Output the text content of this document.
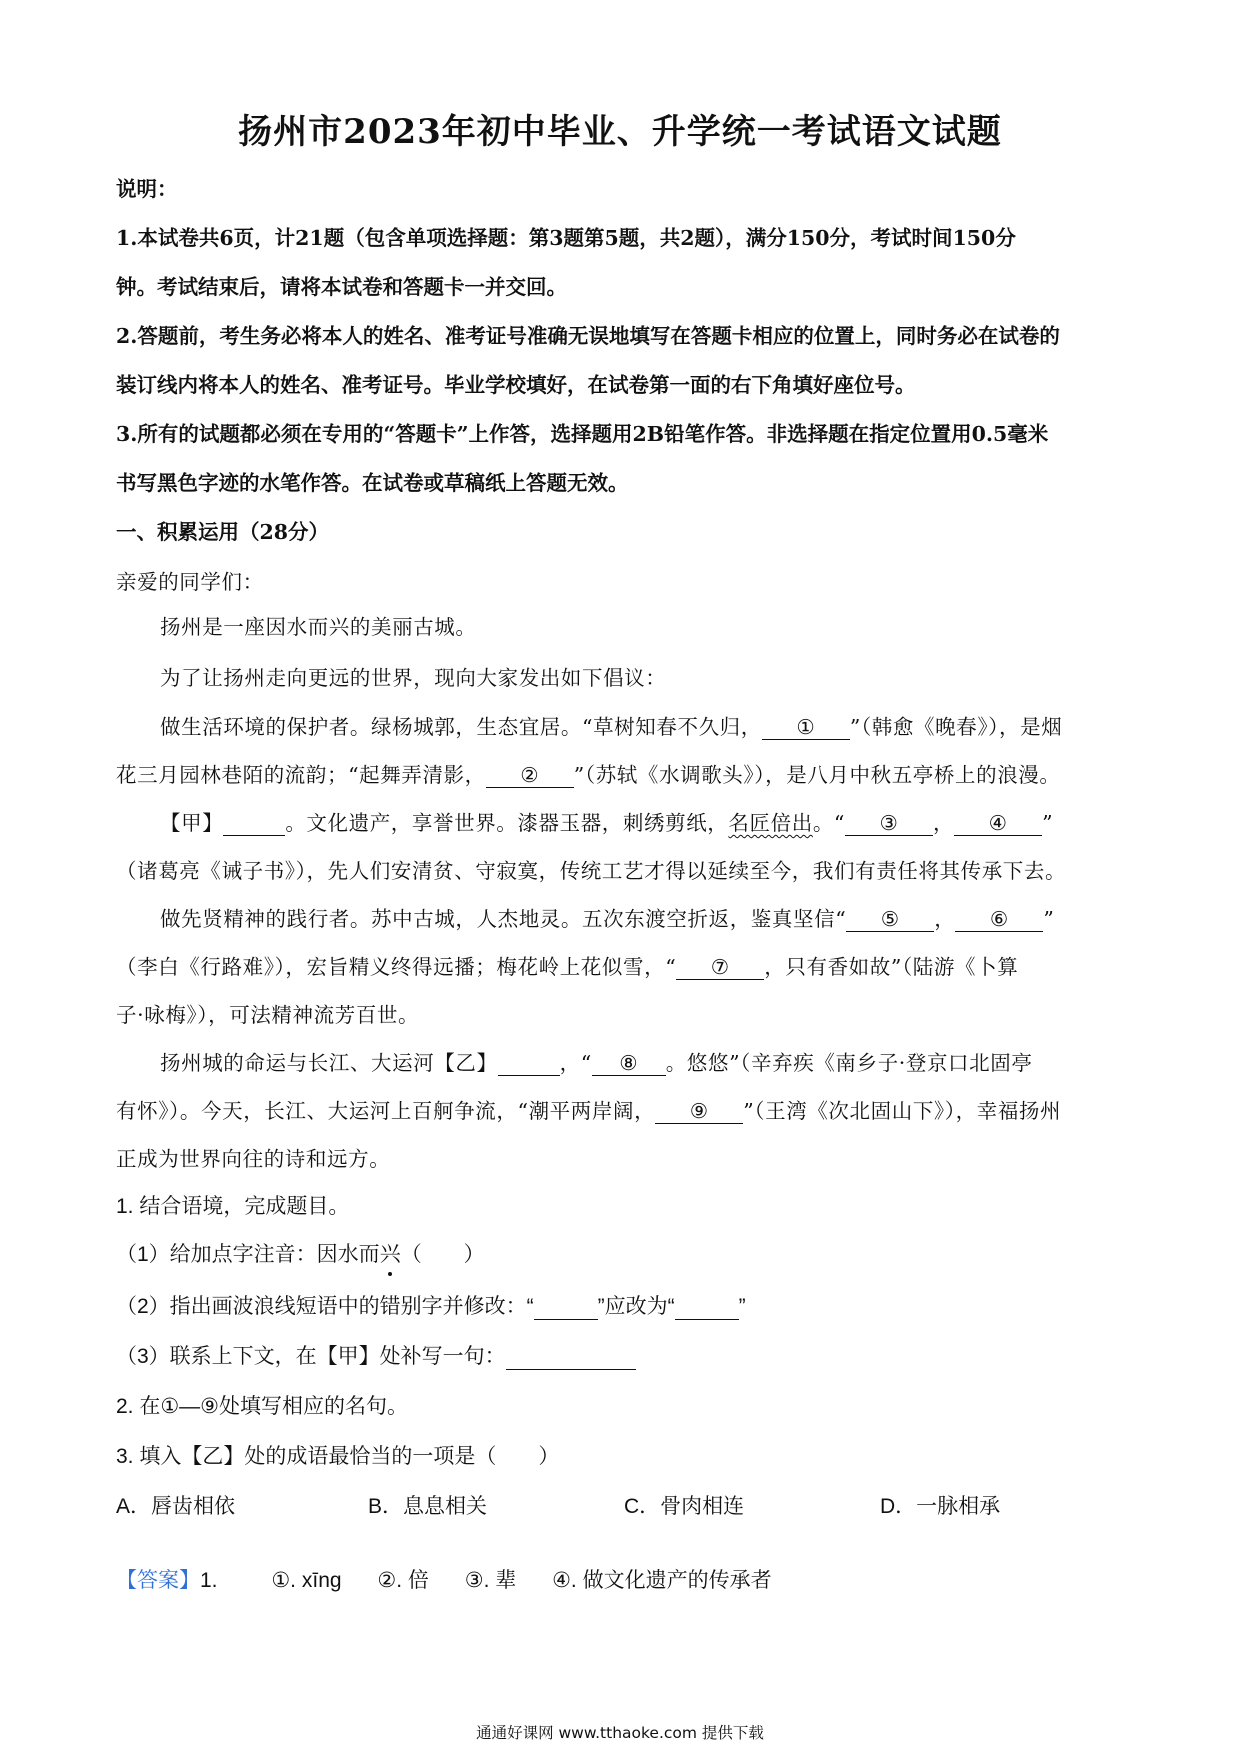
扬州市2023年初中毕业、升学统一考试语文试题
说明：
1.本试卷共6页，计21题（包含单项选择题：第3题第5题，共2题），满分150分，考试时间150分
钟。考试结束后，请将本试卷和答题卡一并交回。
2.答题前，考生务必将本人的姓名、准考证号准确无误地填写在答题卡相应的位置上，同时务必在试卷的
装订线内将本人的姓名、准考证号。毕业学校填好，在试卷第一面的右下角填好座位号。
3.所有的试题都必须在专用的“答题卡”上作答，选择题用2B铅笔作答。非选择题在指定位置用0.5毫米
书写黑色字迹的水笔作答。在试卷或草稿纸上答题无效。
一、积累运用（28分）
亲爱的同学们：
扬州是一座因水而兴的美丽古城。
为了让扬州走向更远的世界，现向大家发出如下倡议：
做生活环境的保护者。绿杨城郭，生态宜居。“草树知春不久归， ① ”（韩愈《晚春》），是烟
花三月园林巷陌的流韵；“起舞弄清影， ② ”（苏轼《水调歌头》），是八月中秋五亭桥上的浪漫。
【甲】	。文化遗产，享誉世界。漆器玉器，刺绣剪纸，名匠倍出。“ ③ ， ④ ”
（诸葛亮《诫子书》），先人们安清贫、守寂寞，传统工艺才得以延续至今，我们有责任将其传承下去。
做先贤精神的践行者。苏中古城，人杰地灵。五次东渡空折返，鉴真坚信“ ⑤ ， ⑥ ”
（李白《行路难》），宏旨精义终得远播；梅花岭上花似雪，“ ⑦ ，只有香如故”（陆游《卜算
子·咏梅》），可法精神流芳百世。
扬州城的命运与长江、大运河【乙】	，“ ⑧ 。悠悠”（辛弃疾《南乡子·登京口北固亭
有怀》）。今天，长江、大运河上百舸争流，“潮平两岸阔， ⑨ ”（王湾《次北固山下》），幸福扬州
正成为世界向往的诗和远方。
1. 结合语境，完成题目。
（1）给加点字注音：因水而兴（　　）
（2）指出画波浪线短语中的错别字并修改：“	”应改为“	”
（3）联系上下文，在【甲】处补写一句：
2. 在①—⑨处填写相应的名句。
3. 填入【乙】处的成语最恰当的一项是（　　）
A．唇齿相依	B．息息相关	C．骨肉相连	D．一脉相承
【答案】1.	①. xīng ②. 倍 ③. 辈 ④. 做文化遗产的传承者
通通好课网 www.tthaoke.com 提供下载
